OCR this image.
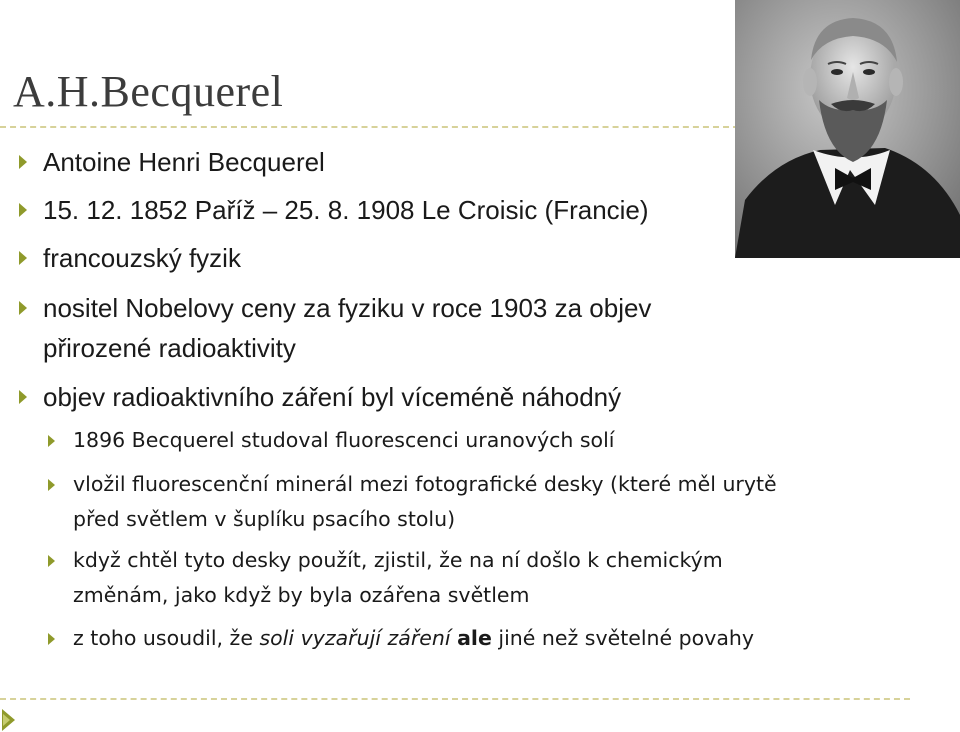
A.H.Becquerel
Antoine Henri Becquerel
15. 12. 1852 Paříž – 25. 8. 1908 Le Croisic (Francie)
francouzský fyzik
nositel Nobelovy ceny za fyziku v roce 1903 za objev
přirozené radioaktivity
objev radioaktivního záření byl víceméně náhodný
1896 Becquerel studoval fluorescenci uranových solí
vložil fluorescenční minerál mezi fotografické desky (které měl urytě
před světlem v šuplíku psacího stolu)
když chtěl tyto desky použít, zjistil, že na ní došlo k chemickým
změnám, jako když by byla ozářena světlem
z toho usoudil, že soli vyzařují záření ale jiné než světelné povahy
